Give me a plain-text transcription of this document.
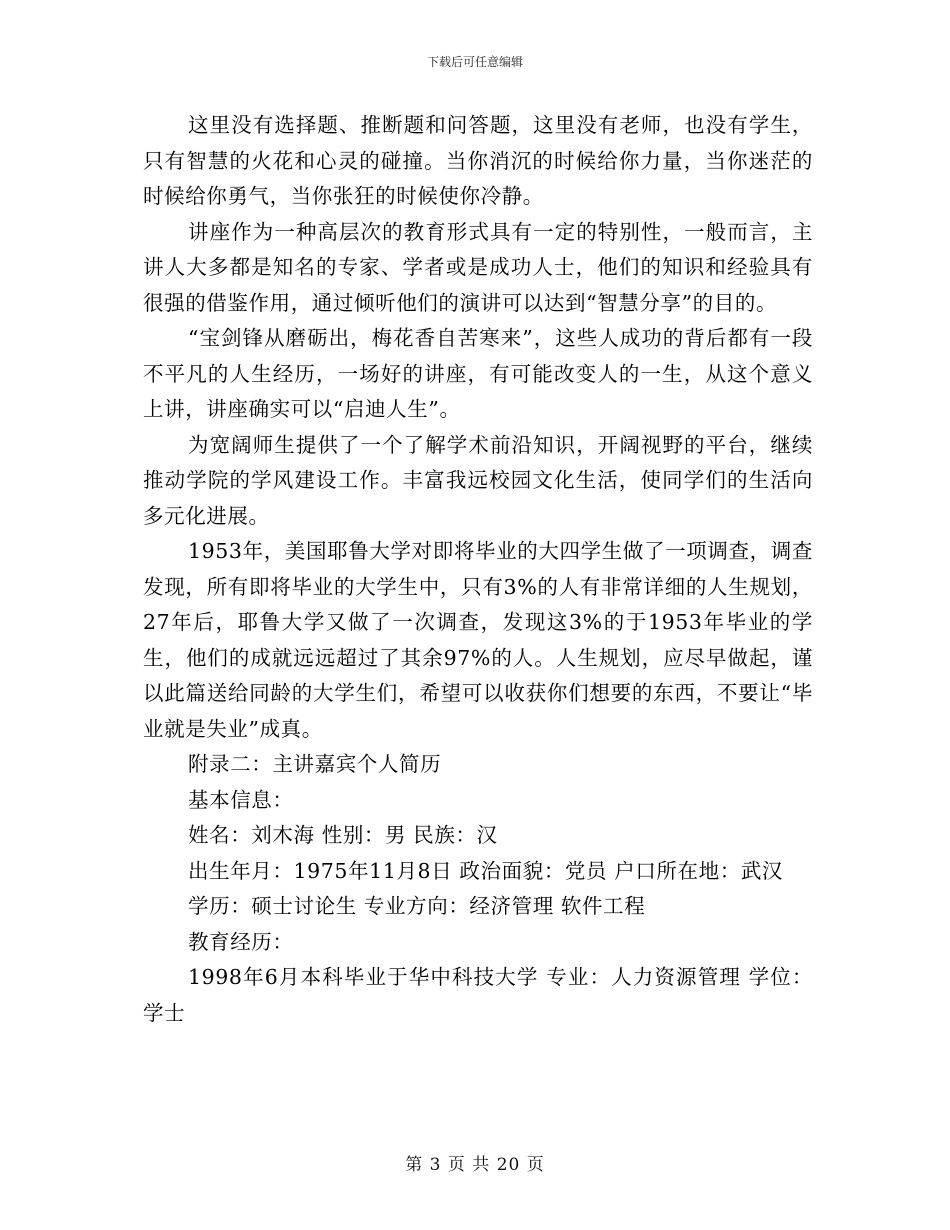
下载后可任意编辑

这里没有选择题、推断题和问答题，这里没有老师，也没有学生，只有智慧的火花和心灵的碰撞。当你消沉的时候给你力量，当你迷茫的时候给你勇气，当你张狂的时候使你冷静。

讲座作为一种高层次的教育形式具有一定的特别性，一般而言，主讲人大多都是知名的专家、学者或是成功人士，他们的知识和经验具有很强的借鉴作用，通过倾听他们的演讲可以达到“智慧分享”的目的。

“宝剑锋从磨砺出，梅花香自苦寒来”，这些人成功的背后都有一段不平凡的人生经历，一场好的讲座，有可能改变人的一生，从这个意义上讲，讲座确实可以“启迪人生”。

为宽阔师生提供了一个了解学术前沿知识，开阔视野的平台，继续推动学院的学风建设工作。丰富我远校园文化生活，使同学们的生活向多元化进展。

1953年，美国耶鲁大学对即将毕业的大四学生做了一项调查，调查发现，所有即将毕业的大学生中，只有3%的人有非常详细的人生规划，27年后，耶鲁大学又做了一次调查，发现这3%的于1953年毕业的学生，他们的成就远远超过了其余97%的人。人生规划，应尽早做起，谨以此篇送给同龄的大学生们，希望可以收获你们想要的东西，不要让“毕业就是失业”成真。

附录二：主讲嘉宾个人简历

基本信息：

姓名：刘木海 性别：男 民族：汉

出生年月：1975年11月8日 政治面貌：党员 户口所在地：武汉

学历：硕士讨论生 专业方向：经济管理 软件工程

教育经历：

1998年6月本科毕业于华中科技大学 专业：人力资源管理 学位：学士

第 3 页 共 20 页
